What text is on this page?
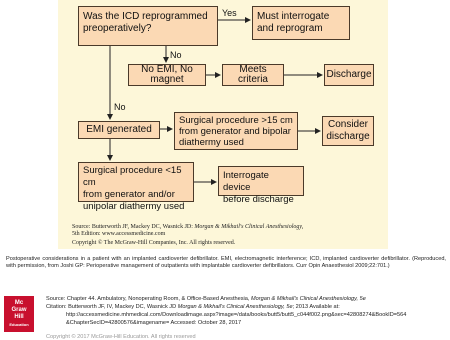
Was the ICD reprogrammed
preoperatively?
Yes	Must interrogate
and reprogram
No
No EMI, No magnet
Meets criteria	Discharge
No
EMI generated
Surgical procedure >15 cm
from generator and bipolar
diathermy used
Consider
discharge
Surgical procedure <15 cm
from generator and/or
unipolar diathermy used
Interrogate device
before discharge
Source: Butterworth JF, Mackey DC, Wasnick JD: Morgan & Mikhail's Clinical Anesthesiology,
5th Edition: www.accessmedicine.com
Copyright © The McGraw-Hill Companies, Inc. All rights reserved.
Postoperative considerations in a patient with an implanted cardioverter defibrillator. EMI, electromagnetic interference; ICD, implanted cardioverter defibrillator. (Reproduced, with permission, from Joshi GP: Perioperative management of outpatients with implantable cardioverter defibrillators. Curr Opin Anaesthesiol 2009;22:701.)
Mc
Graw
Hill
Education
Source: Chapter 44. Ambulatory, Nonoperating Room, & Office-Based Anesthesia, Morgan & Mikhail's Clinical Anesthesiology, 5e
Citation: Butterworth JF, IV, Mackey DC, Wasnick JD Morgan & Mikhail's Clinical Anesthesiology, 5e; 2013 Available at:
http://accessmedicine.mhmedical.com/Downloadimage.aspx?image=/data/books/butt5/butt5_c044f002.png&sec=42808274&BookID=564
&ChapterSecID=42800576&imagename= Accessed: October 28, 2017
Copyright © 2017 McGraw-Hill Education. All rights reserved
